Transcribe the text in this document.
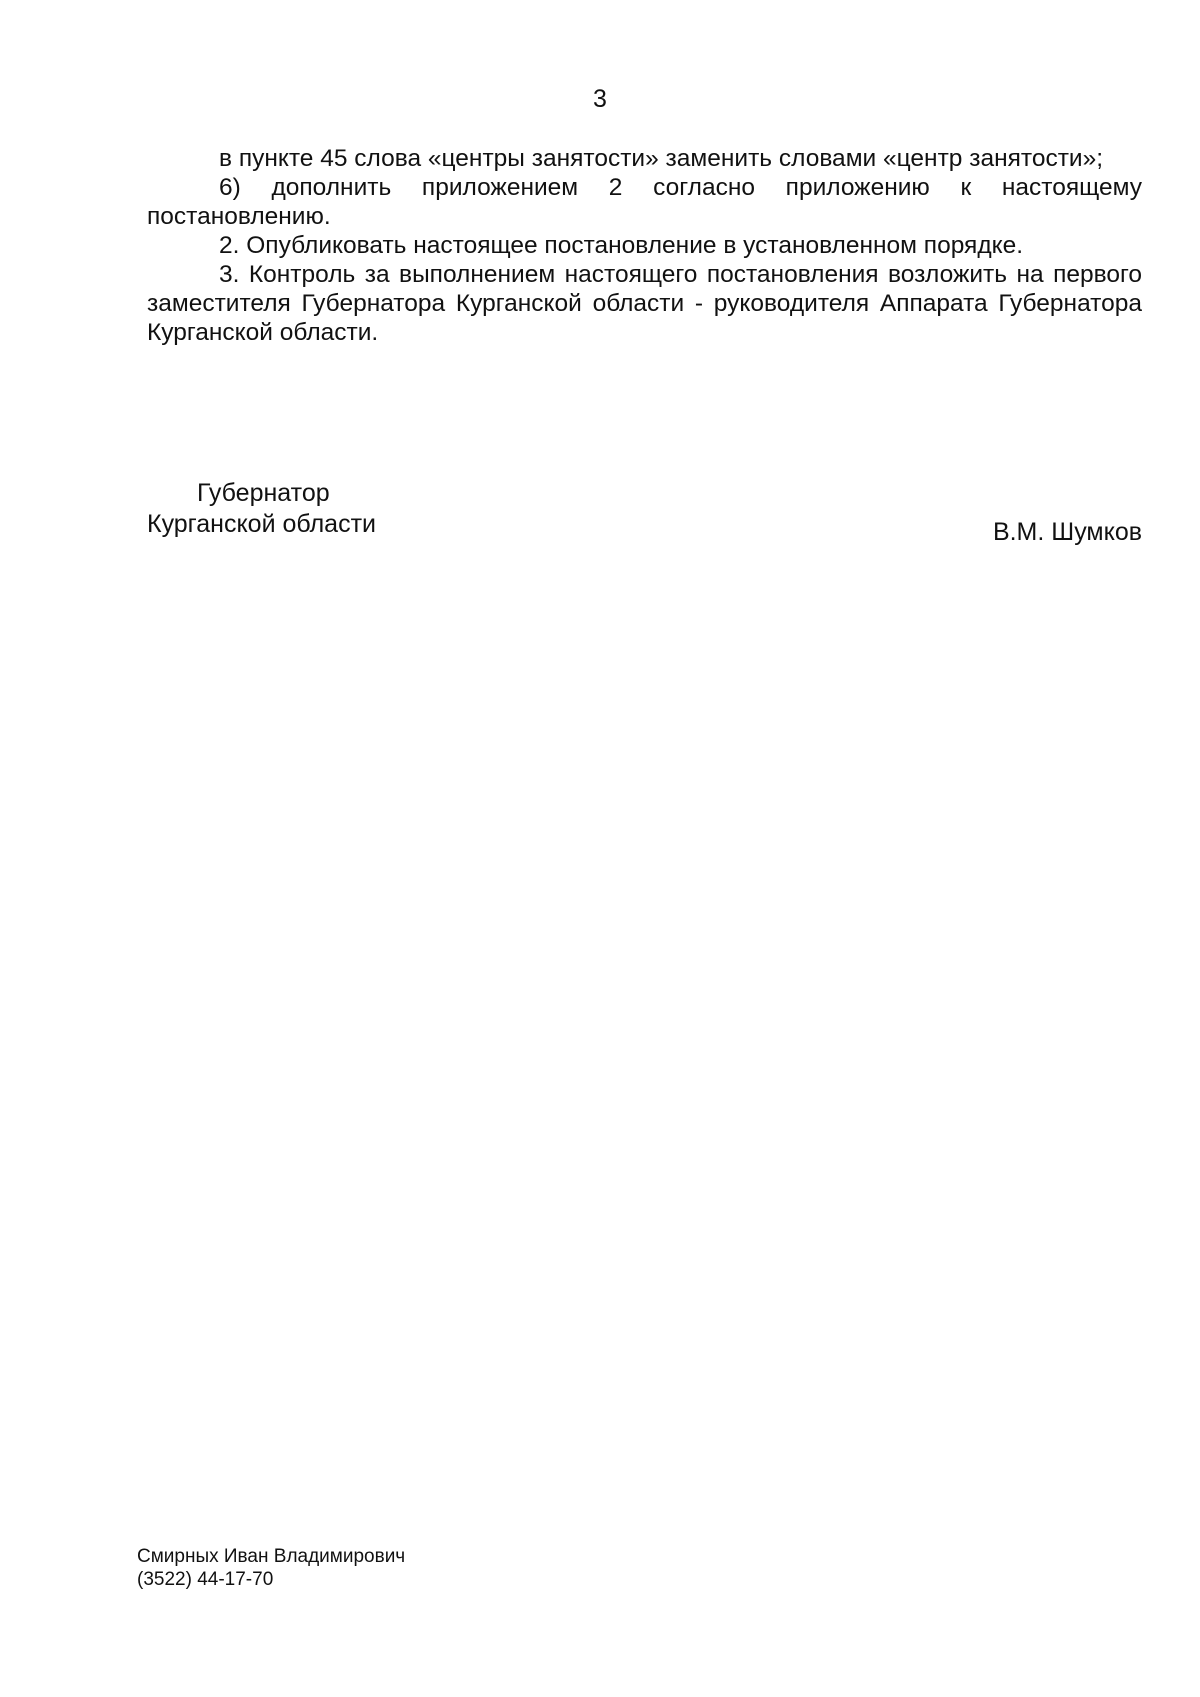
3

в пункте 45 слова «центры занятости» заменить словами «центр занятости»;

6) дополнить приложением 2 согласно приложению к настоящему постановлению.

2. Опубликовать настоящее постановление в установленном порядке.

3. Контроль за выполнением настоящего постановления возложить на первого заместителя Губернатора Курганской области - руководителя Аппарата Губернатора Курганской области.

Губернатор
Курганской области	В.М. Шумков
Смирных Иван Владимирович
(3522) 44-17-70
